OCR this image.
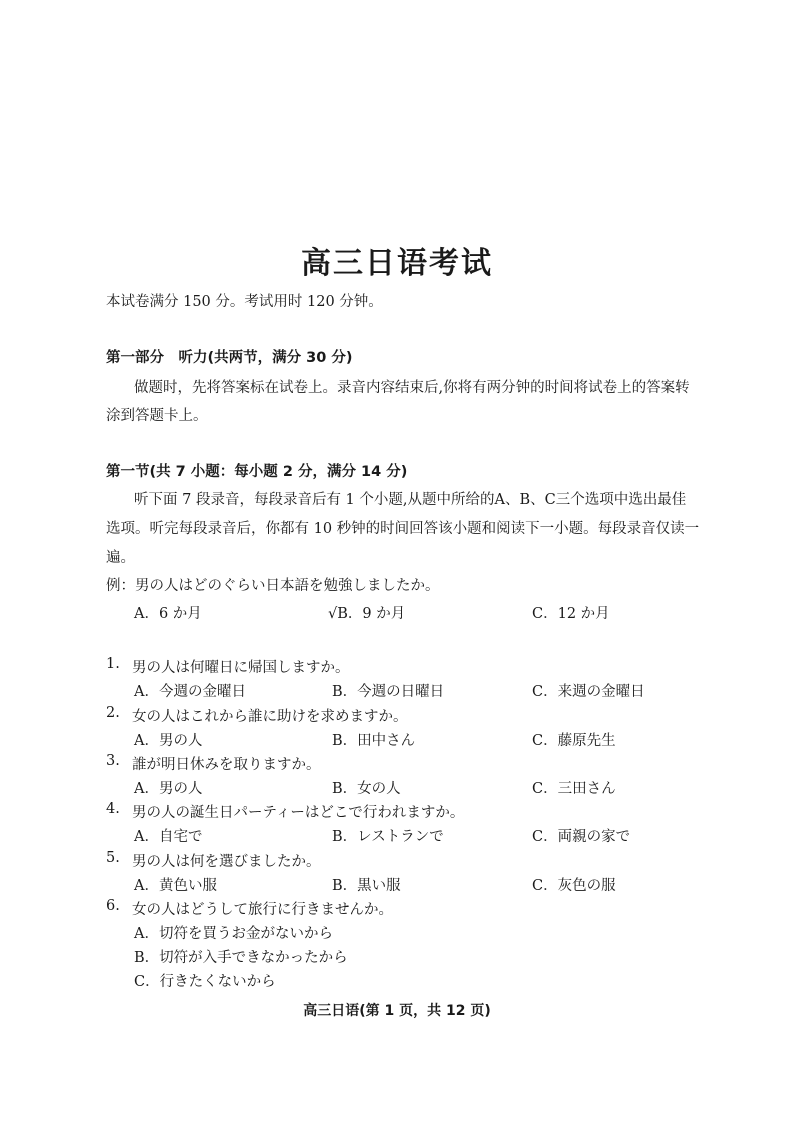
高三日语考试
本试卷满分 150 分。考试用时 120 分钟。
第一部分　听力(共两节，满分 30 分)
做题时，先将答案标在试卷上。录音内容结束后,你将有两分钟的时间将试卷上的答案转
涂到答题卡上。
第一节(共 7 小题：每小题 2 分，满分 14 分)
听下面 7 段录音，每段录音后有 1 个小题,从题中所给的A、B、C三个选项中选出最佳
选项。听完每段录音后，你都有 10 秒钟的时间回答该小题和阅读下一小题。每段录音仅读一
遍。
例：男の人はどのぐらい日本語を勉強しましたか。
A．6 か月	√B．9 か月	C．12 か月
1. 男の人は何曜日に帰国しますか。
A．今週の金曜日	B．今週の日曜日	C．来週の金曜日
2. 女の人はこれから誰に助けを求めますか。
A．男の人	B．田中さん	C．藤原先生
3. 誰が明日休みを取りますか。
A．男の人	B．女の人	C．三田さん
4. 男の人の誕生日パーティーはどこで行われますか。
A．自宅で	B．レストランで	C．両親の家で
5. 男の人は何を選びましたか。
A．黄色い服	B．黒い服	C．灰色の服
6. 女の人はどうして旅行に行きませんか。
A．切符を買うお金がないから
B．切符が入手できなかったから
C．行きたくないから
高三日语(第 1 页，共 12 页)
